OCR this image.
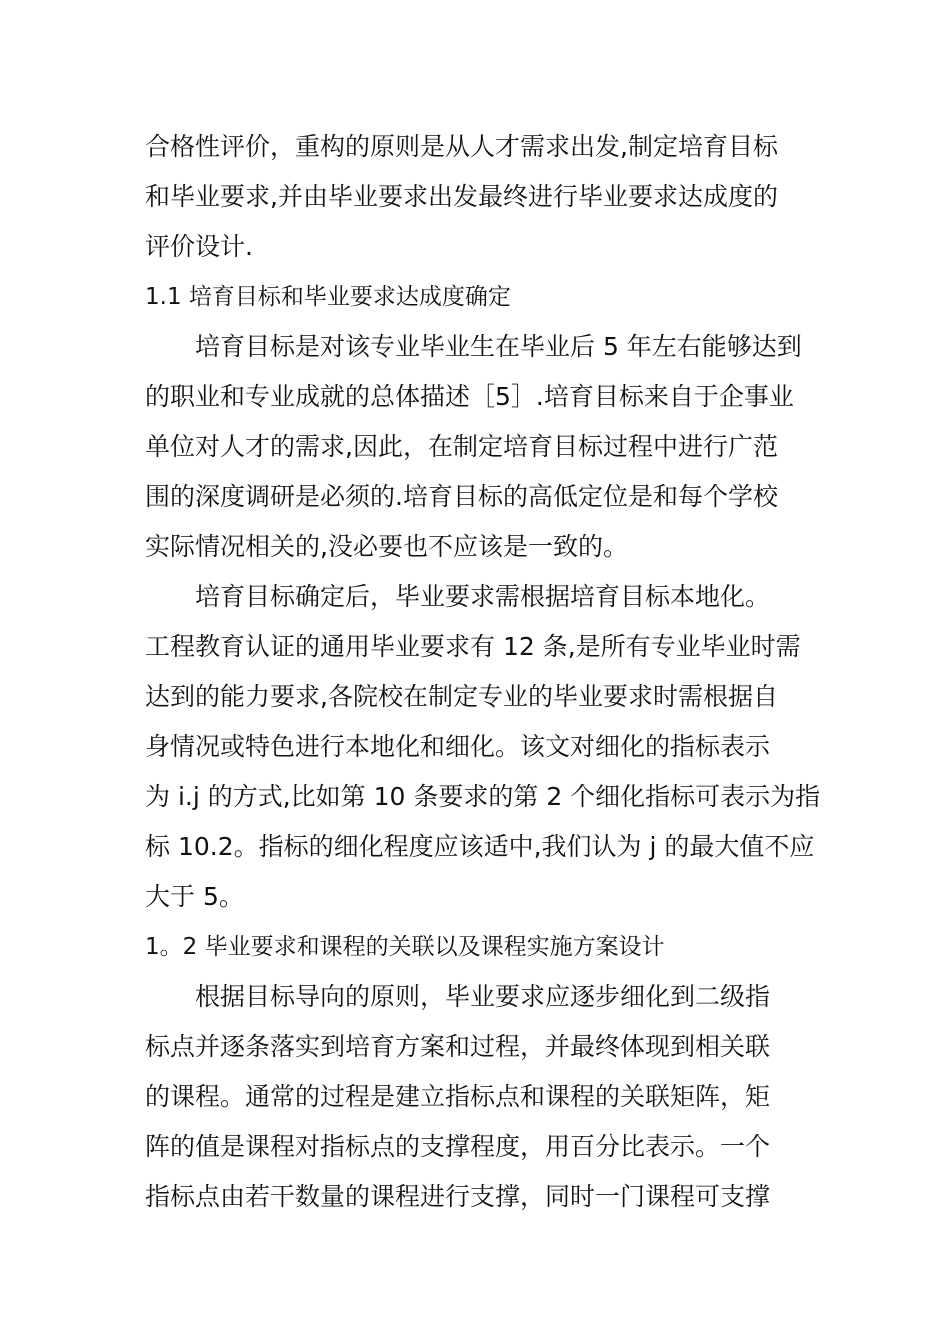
合格性评价，重构的原则是从人才需求出发,制定培育目标
和毕业要求,并由毕业要求出发最终进行毕业要求达成度的
评价设计.
1.1 培育目标和毕业要求达成度确定
　　培育目标是对该专业毕业生在毕业后 5 年左右能够达到
的职业和专业成就的总体描述［5］.培育目标来自于企事业
单位对人才的需求,因此，在制定培育目标过程中进行广范
围的深度调研是必须的.培育目标的高低定位是和每个学校
实际情况相关的,没必要也不应该是一致的。
　　培育目标确定后，毕业要求需根据培育目标本地化。
工程教育认证的通用毕业要求有 12 条,是所有专业毕业时需
达到的能力要求,各院校在制定专业的毕业要求时需根据自
身情况或特色进行本地化和细化。该文对细化的指标表示
为 i.j 的方式,比如第 10 条要求的第 2 个细化指标可表示为指
标 10.2。指标的细化程度应该适中,我们认为 j 的最大值不应
大于 5。
1。2 毕业要求和课程的关联以及课程实施方案设计
　　根据目标导向的原则，毕业要求应逐步细化到二级指
标点并逐条落实到培育方案和过程，并最终体现到相关联
的课程。通常的过程是建立指标点和课程的关联矩阵，矩
阵的值是课程对指标点的支撑程度，用百分比表示。一个
指标点由若干数量的课程进行支撑，同时一门课程可支撑
